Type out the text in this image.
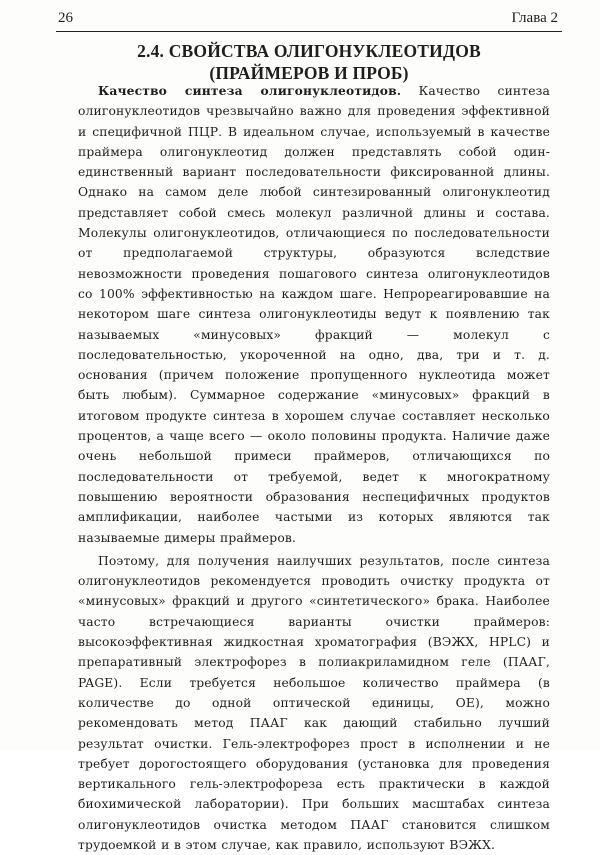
26	Глава 2
2.4. СВОЙСТВА ОЛИГОНУКЛЕОТИДОВ
(ПРАЙМЕРОВ И ПРОБ)

Качество синтеза олигонуклеотидов. Качество синтеза олигонуклеотидов чрезвычайно важно для проведения эффективной и специфичной ПЦР. В идеальном случае, используемый в качестве праймера олигонуклеотид должен представлять собой один-единственный вариант последовательности фиксированной длины. Однако на самом деле любой синтезированный олигонуклеотид представляет собой смесь молекул различной длины и состава. Молекулы олигонуклеотидов, отличающиеся по последовательности от предполагаемой структуры, образуются вследствие невозможности проведения пошагового синтеза олигонуклеотидов со 100% эффективностью на каждом шаге. Непрореагировавшие на некотором шаге синтеза олигонуклеотиды ведут к появлению так называемых «минусовых» фракций — молекул с последовательностью, укороченной на одно, два, три и т. д. основания (причем положение пропущенного нуклеотида может быть любым). Суммарное содержание «минусовых» фракций в итоговом продукте синтеза в хорошем случае составляет несколько процентов, а чаще всего — около половины продукта. Наличие даже очень небольшой примеси праймеров, отличающихся по последовательности от требуемой, ведет к многократному повышению вероятности образования неспецифичных продуктов амплификации, наиболее частыми из которых являются так называемые димеры праймеров.

Поэтому, для получения наилучших результатов, после синтеза олигонуклеотидов рекомендуется проводить очистку продукта от «минусовых» фракций и другого «синтетического» брака. Наиболее часто встречающиеся варианты очистки праймеров: высокоэффективная жидкостная хроматография (ВЭЖХ, HPLC) и препаративный электрофорез в полиакриламидном геле (ПААГ, PAGE). Если требуется небольшое количество праймера (в количестве до одной оптической единицы, ОЕ), можно рекомендовать метод ПААГ как дающий стабильно лучший результат очистки. Гель-электрофорез прост в исполнении и не требует дорогостоящего оборудования (установка для проведения вертикального гель-электрофореза есть практически в каждой биохимической лаборатории). При больших масштабах синтеза олигонуклеотидов очистка методом ПААГ становится слишком трудоемкой и в этом случае, как правило, используют ВЭЖХ.
